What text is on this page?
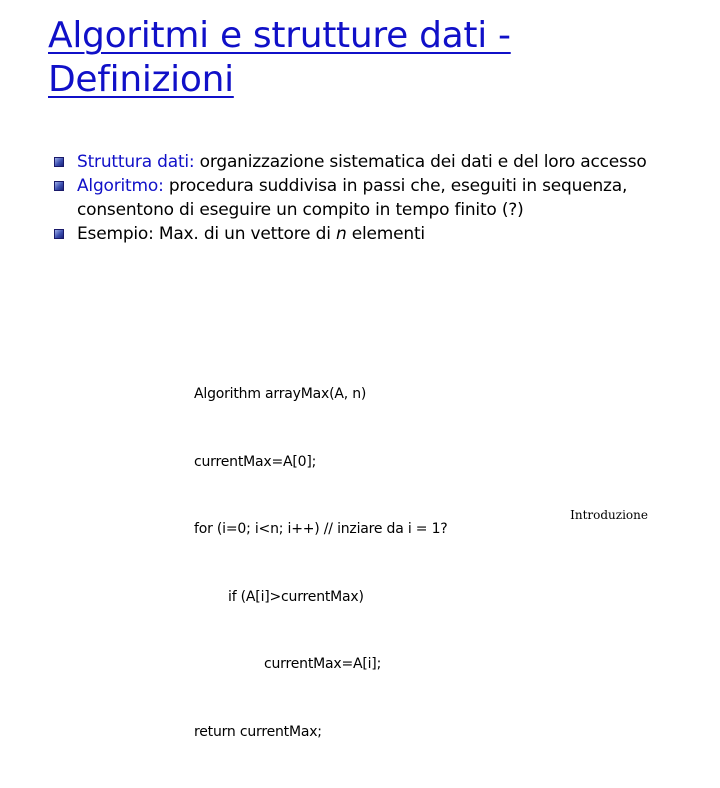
Algoritmi e strutture dati -
Definizioni
Struttura dati: organizzazione sistematica dei dati e del loro accesso
Algoritmo: procedura suddivisa in passi che, eseguiti in sequenza, consentono di eseguire un compito in tempo finito (?)
Esempio: Max. di un vettore di n elementi

Algorithm arrayMax(A, n)

currentMax=A[0];

for (i=0; i<n; i++) // inziare da i = 1?

if (A[i]>currentMax)

currentMax=A[i];

return currentMax;

Introduzione
